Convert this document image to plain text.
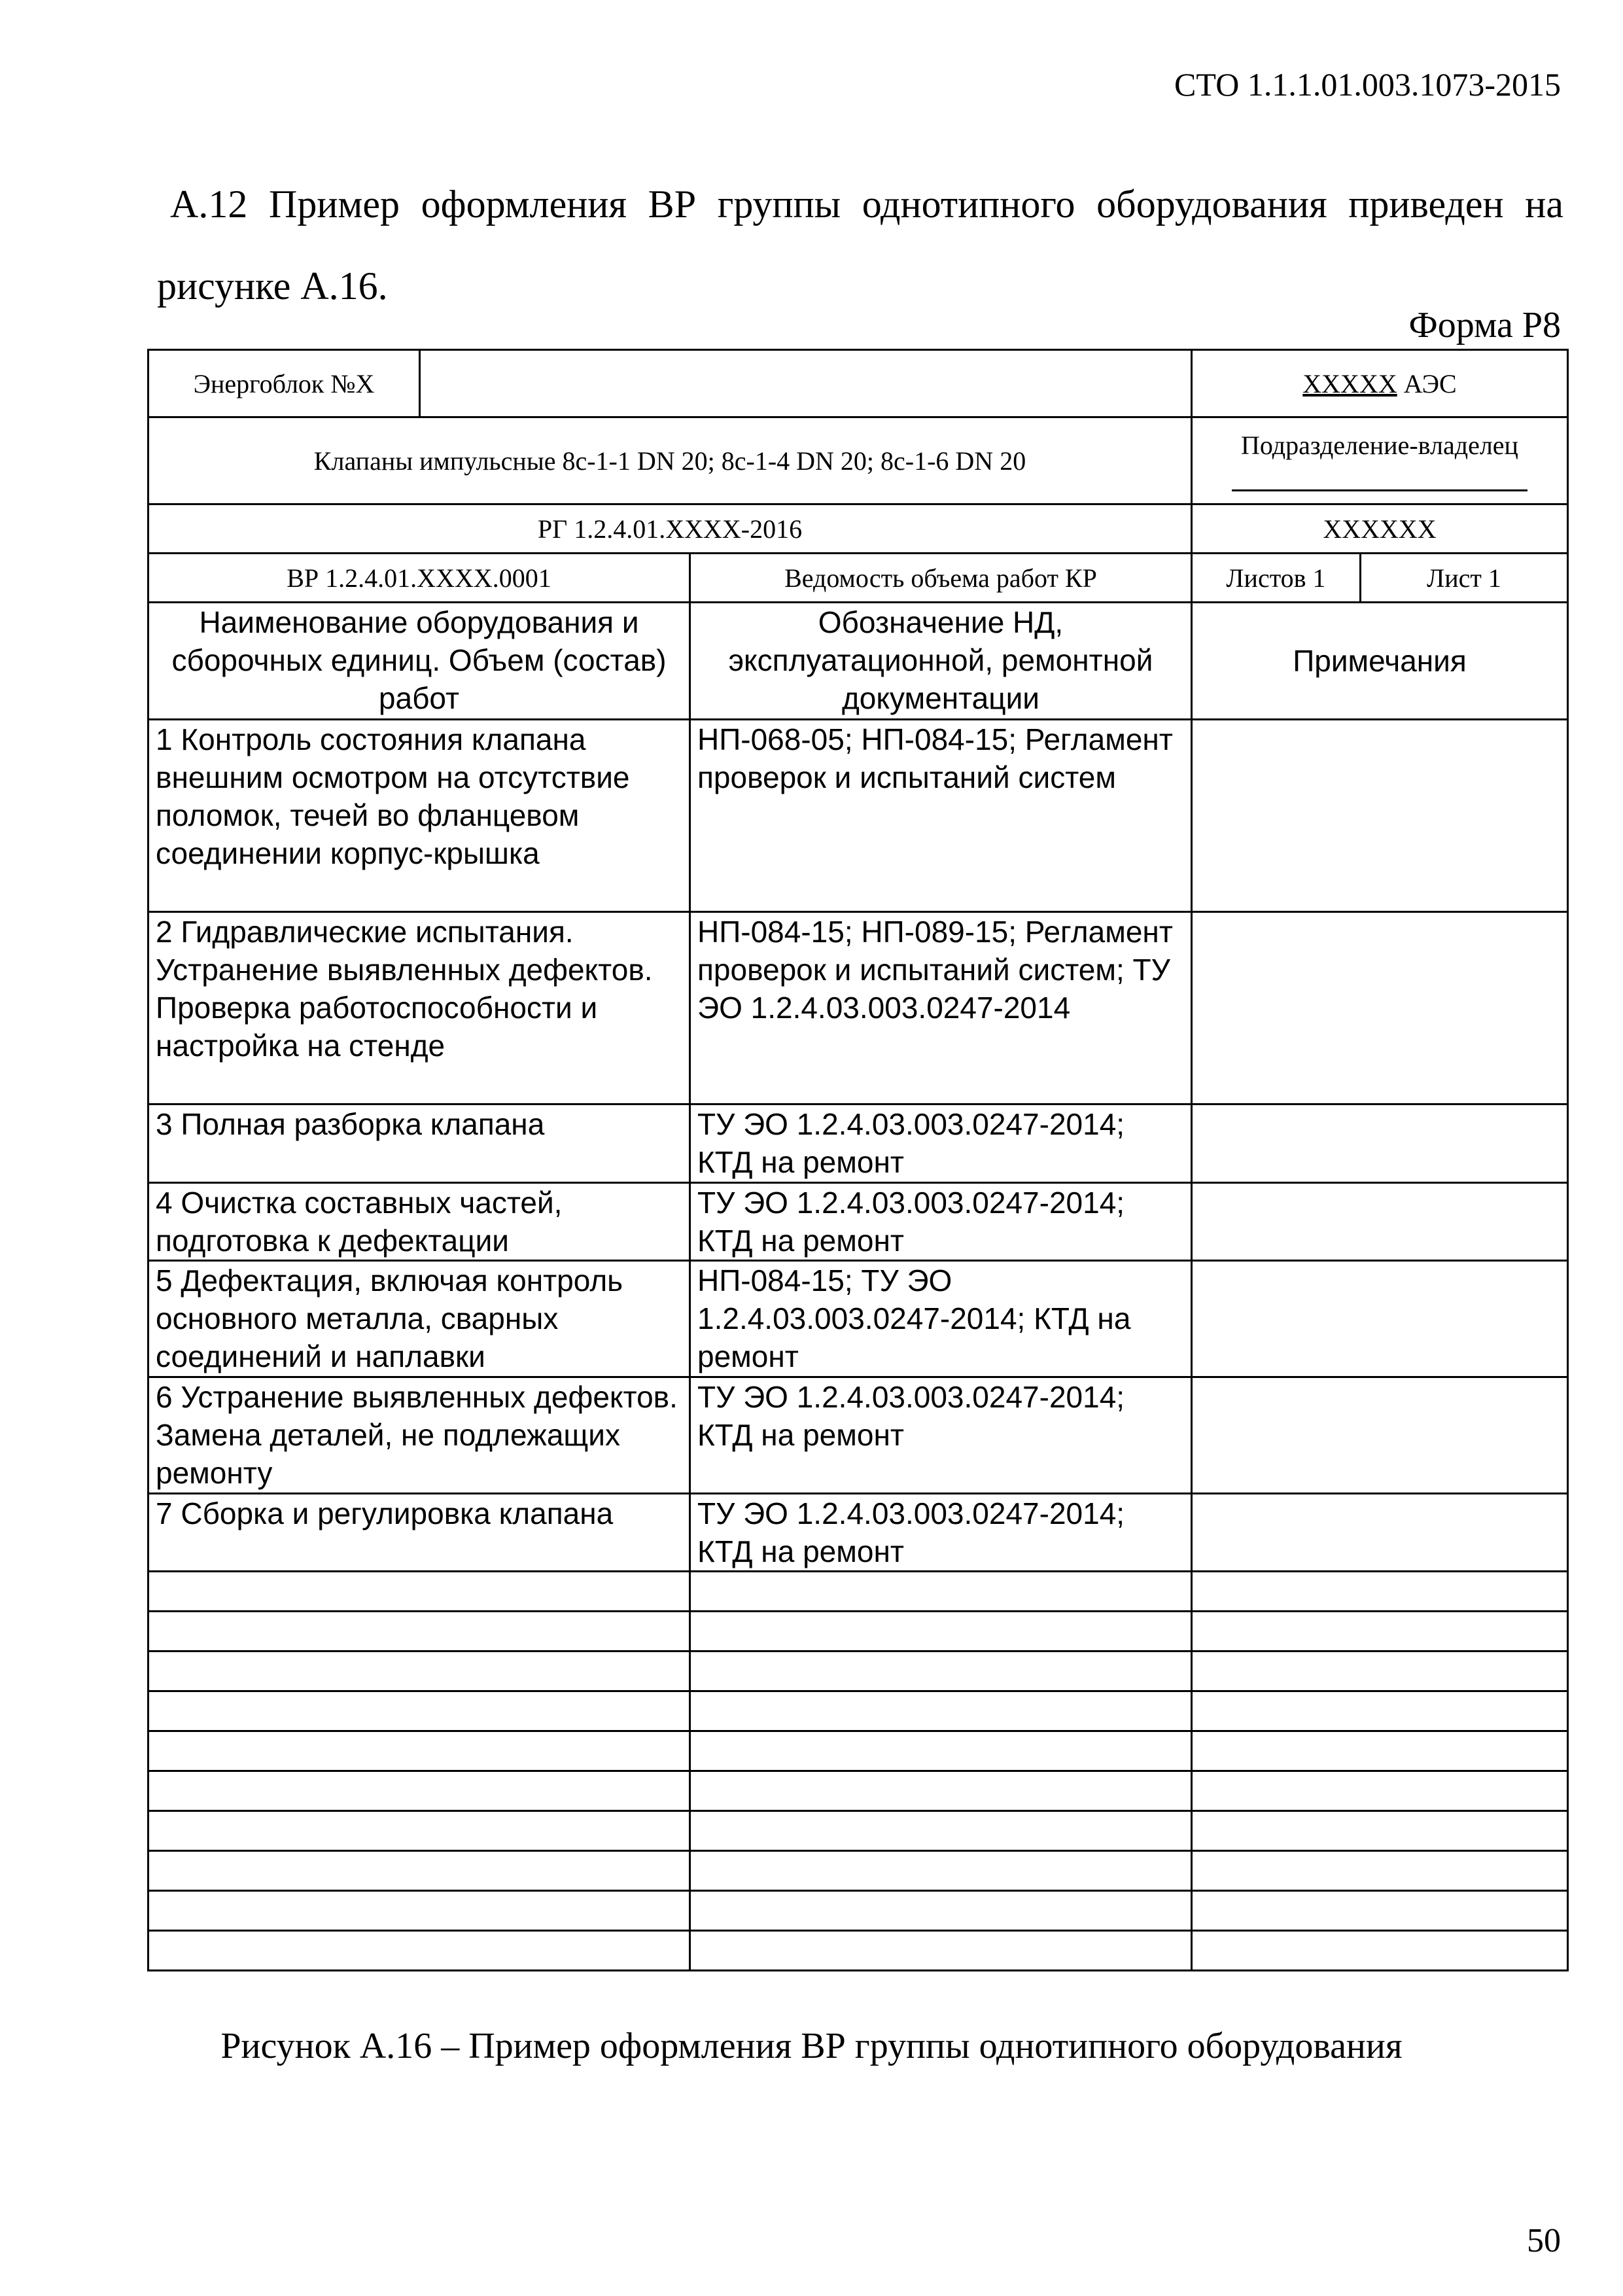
СТО 1.1.1.01.003.1073-2015
А.12 Пример оформления ВР группы однотипного оборудования приведен на
рисунке А.16.
Форма Р8
Энергоблок №X		XXXXX АЭС
Клапаны импульсные 8с-1-1 DN 20; 8с-1-4 DN 20; 8с-1-6 DN 20	
Подразделение-владелец
РГ 1.2.4.01.XXXX-2016	XXXXXX
ВР 1.2.4.01.XXXX.0001	Ведомость объема работ КР	Листов 1	Лист 1
Наименование оборудования и сборочных единиц. Объем (состав) работ	Обозначение НД, эксплуатационной, ремонтной документации	Примечания
1 Контроль состояния клапана внешним осмотром на отсутствие поломок, течей во фланцевом соединении корпус-крышка	НП-068-05; НП-084-15; Регламент проверок и испытаний систем	
2 Гидравлические испытания. Устранение выявленных дефектов. Проверка работоспособности и настройка на стенде	НП-084-15; НП-089-15; Регламент проверок и испытаний систем; ТУ ЭО 1.2.4.03.003.0247-2014	
3 Полная разборка клапана	ТУ ЭО 1.2.4.03.003.0247-2014; КТД на ремонт	
4 Очистка составных частей, подготовка к дефектации	ТУ ЭО 1.2.4.03.003.0247-2014; КТД на ремонт	
5 Дефектация, включая контроль основного металла, сварных соединений и наплавки	НП-084-15; ТУ ЭО 1.2.4.03.003.0247-2014; КТД на ремонт	
6 Устранение выявленных дефектов. Замена деталей, не подлежащих ремонту	ТУ ЭО 1.2.4.03.003.0247-2014; КТД на ремонт	
7 Сборка и регулировка клапана	ТУ ЭО 1.2.4.03.003.0247-2014; КТД на ремонт	

Рисунок А.16 – Пример оформления ВР группы однотипного оборудования
50
